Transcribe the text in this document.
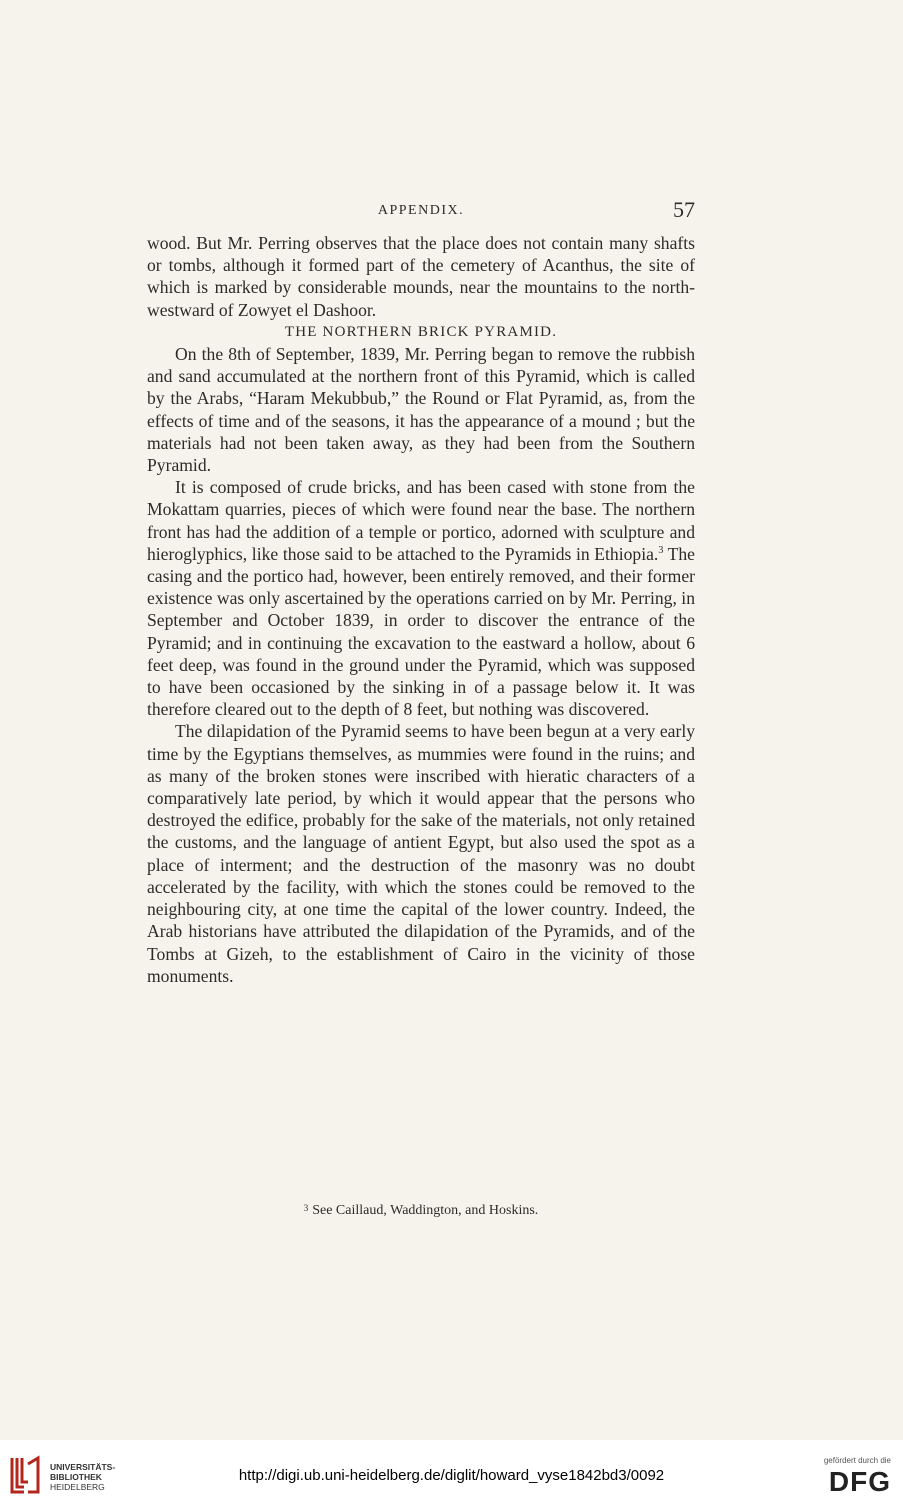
APPENDIX.	57

wood. But Mr. Perring observes that the place does not contain many shafts or tombs, although it formed part of the cemetery of Acanthus, the site of which is marked by considerable mounds, near the mountains to the north-westward of Zowyet el Dashoor.

THE NORTHERN BRICK PYRAMID.

On the 8th of September, 1839, Mr. Perring began to remove the rubbish and sand accumulated at the northern front of this Pyramid, which is called by the Arabs, “Haram Mekubbub,” the Round or Flat Pyramid, as, from the effects of time and of the seasons, it has the appearance of a mound ; but the materials had not been taken away, as they had been from the Southern Pyramid.

It is composed of crude bricks, and has been cased with stone from the Mokattam quarries, pieces of which were found near the base. The northern front has had the addition of a temple or portico, adorned with sculpture and hieroglyphics, like those said to be attached to the Pyramids in Ethiopia.$^3$ The casing and the portico had, however, been entirely removed, and their former existence was only ascertained by the operations carried on by Mr. Perring, in September and October 1839, in order to discover the entrance of the Pyramid; and in continuing the excavation to the eastward a hollow, about 6 feet deep, was found in the ground under the Pyramid, which was supposed to have been occasioned by the sinking in of a passage below it. It was therefore cleared out to the depth of 8 feet, but nothing was discovered.

The dilapidation of the Pyramid seems to have been begun at a very early time by the Egyptians themselves, as mummies were found in the ruins; and as many of the broken stones were inscribed with hieratic characters of a comparatively late period, by which it would appear that the persons who destroyed the edifice, probably for the sake of the materials, not only retained the customs, and the language of antient Egypt, but also used the spot as a place of interment; and the destruction of the masonry was no doubt accelerated by the facility, with which the stones could be removed to the neighbouring city, at one time the capital of the lower country. Indeed, the Arab historians have attributed the dilapidation of the Pyramids, and of the Tombs at Gizeh, to the establishment of Cairo in the vicinity of those monuments.

$^3$ See Caillaud, Waddington, and Hoskins.
UNIVERSITÄTS-
BIBLIOTHEK
HEIDELBERG
http://digi.ub.uni-heidelberg.de/diglit/howard_vyse1842bd3/0092
gefördert durch die
DFG
